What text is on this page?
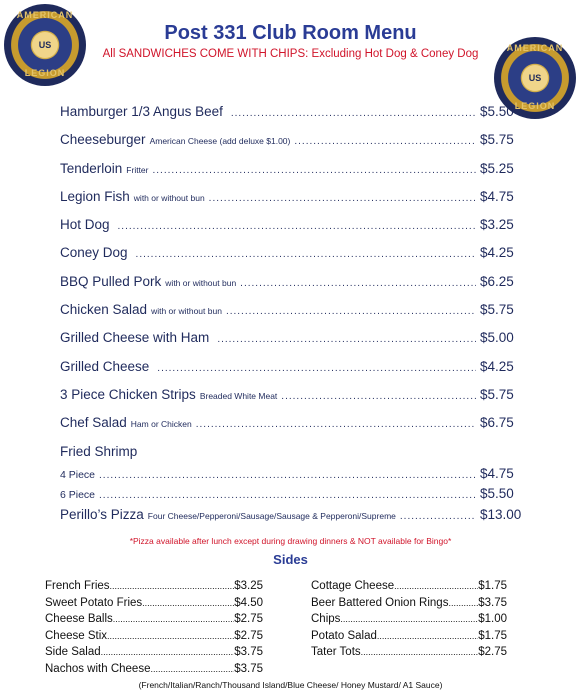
AMERICAN
US
LEGION
AMERICAN
US
LEGION
Post 331 Club Room Menu
All SANDWICHES COME WITH CHIPS: Excluding Hot Dog & Coney Dog
Hamburger 1/3 Angus Beef .....	$5.50
Cheeseburger American Cheese (add deluxe $1.00) .....	$5.75
Tenderloin Fritter .....	$5.25
Legion Fish with or without bun .....	$4.75
Hot Dog .....	$3.25
Coney Dog .....	$4.25
BBQ Pulled Pork with or without bun .....	$6.25
Chicken Salad with or without bun .....	$5.75
Grilled Cheese with Ham .....	$5.00
Grilled Cheese .....	$4.25
3 Piece Chicken Strips Breaded White Meat .....	$5.75
Chef Salad Ham or Chicken .....	$6.75
Fried Shrimp
4 Piece .....	$4.75
6 Piece .....	$5.50
Perillo’s Pizza Four Cheese/Pepperoni/Sausage/Sausage & Pepperoni/Supreme .....	$13.00
*Pizza available after lunch except during drawing dinners & NOT available for Bingo*
Sides
French Fries .....	$3.25
Sweet Potato Fries .....	$4.50
Cheese Balls .....	$2.75
Cheese Stix .....	$2.75
Side Salad .....	$3.75
Nachos with Cheese .....	$3.75
Cottage Cheese .....	$1.75
Beer Battered Onion Rings .....	$3.75
Chips .....	$1.00
Potato Salad .....	$1.75
Tater Tots .....	$2.75
(French/Italian/Ranch/Thousand Island/Blue Cheese/ Honey Mustard/ A1 Sauce)
